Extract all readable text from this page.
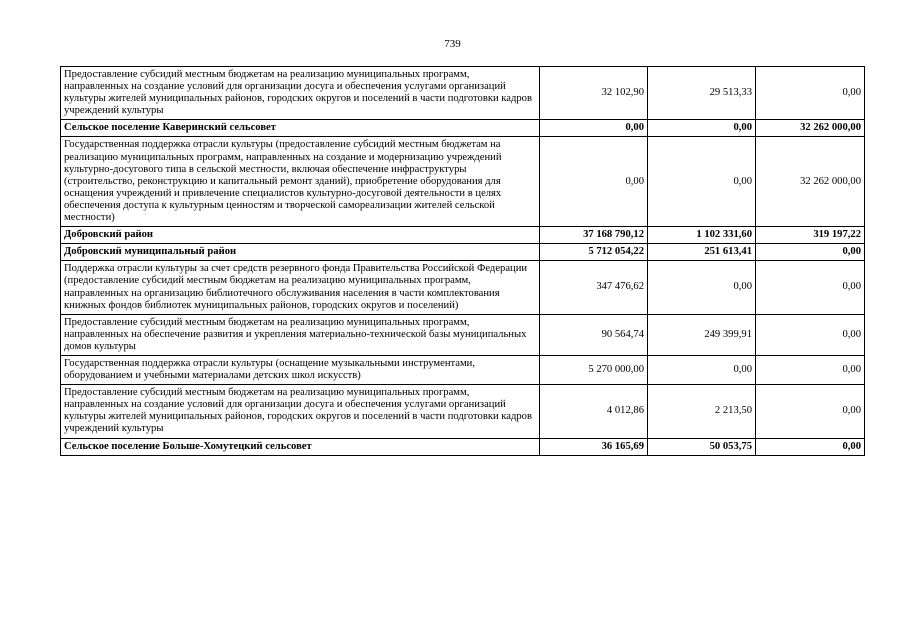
739
Предоставление субсидий местным бюджетам на реализацию муниципальных программ, направленных на создание условий для организации досуга и обеспечения услугами организаций культуры жителей муниципальных районов, городских округов и поселений в части подготовки кадров учреждений культуры	32 102,90	29 513,33	0,00
Сельское поселение Каверинский сельсовет	0,00	0,00	32 262 000,00
Государственная поддержка отрасли культуры (предоставление субсидий местным бюджетам на реализацию муниципальных программ, направленных на создание и модернизацию учреждений культурно-досугового типа в сельской местности, включая обеспечение инфраструктуры (строительство, реконструкцию и капитальный ремонт зданий), приобретение оборудования для оснащения учреждений и привлечение специалистов культурно-досуговой деятельности в целях обеспечения доступа к культурным ценностям и творческой самореализации жителей сельской местности)	0,00	0,00	32 262 000,00
Добровский район	37 168 790,12	1 102 331,60	319 197,22
Добровский муниципальный район	5 712 054,22	251 613,41	0,00
Поддержка отрасли культуры за счет средств резервного фонда Правительства Российской Федерации (предоставление субсидий местным бюджетам на реализацию муниципальных программ, направленных на организацию библиотечного обслуживания населения в части комплектования книжных фондов библиотек муниципальных районов, городских округов и поселений)	347 476,62	0,00	0,00
Предоставление субсидий местным бюджетам на реализацию муниципальных программ, направленных на обеспечение развития и укрепления материально-технической базы муниципальных домов культуры	90 564,74	249 399,91	0,00
Государственная поддержка отрасли культуры (оснащение музыкальными инструментами, оборудованием и учебными материалами детских школ искусств)	5 270 000,00	0,00	0,00
Предоставление субсидий местным бюджетам на реализацию муниципальных программ, направленных на создание условий для организации досуга и обеспечения услугами организаций культуры жителей муниципальных районов, городских округов и поселений в части подготовки кадров учреждений культуры	4 012,86	2 213,50	0,00
Сельское поселение Больше-Хомутецкий сельсовет	36 165,69	50 053,75	0,00
